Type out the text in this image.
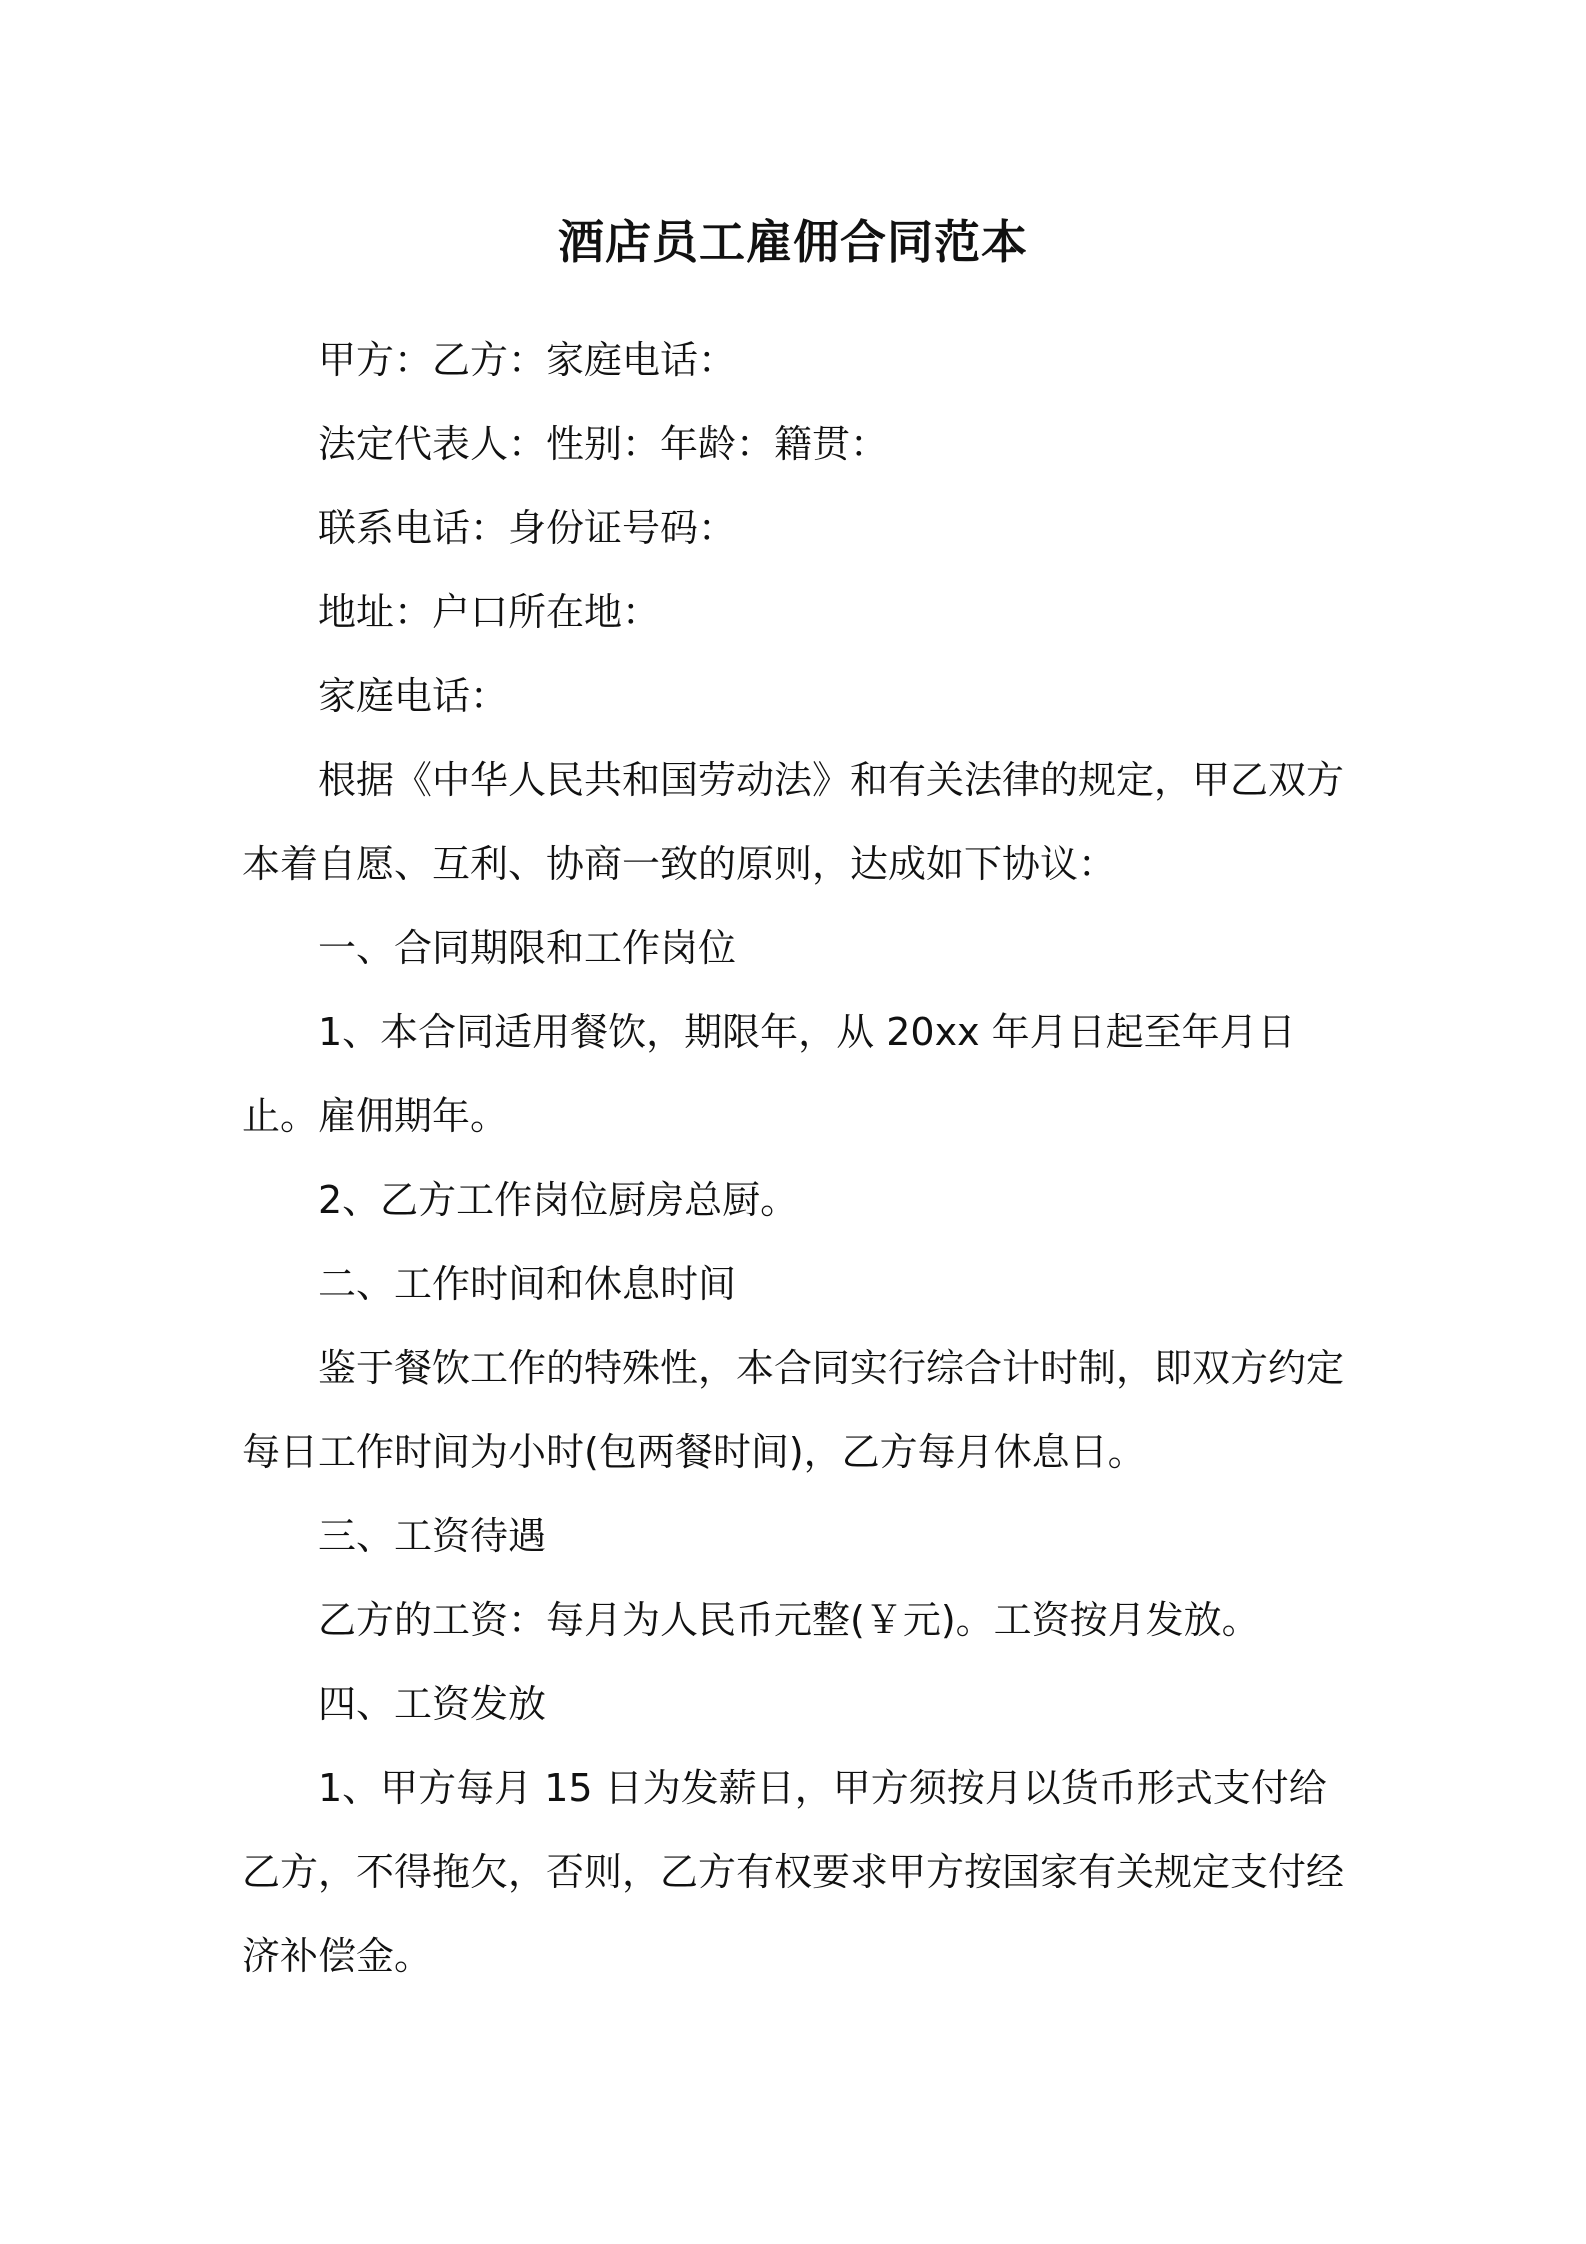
酒店员工雇佣合同范本

甲方：乙方：家庭电话：

法定代表人：性别：年龄：籍贯：

联系电话：身份证号码：

地址：户口所在地：

家庭电话：

根据《中华人民共和国劳动法》和有关法律的规定，甲乙双方本着自愿、互利、协商一致的原则，达成如下协议：

一、合同期限和工作岗位

1、本合同适用餐饮，期限年，从 20xx 年月日起至年月日止。雇佣期年。

2、乙方工作岗位厨房总厨。

二、工作时间和休息时间

鉴于餐饮工作的特殊性，本合同实行综合计时制，即双方约定每日工作时间为小时(包两餐时间)，乙方每月休息日。

三、工资待遇

乙方的工资：每月为人民币元整(￥元)。工资按月发放。

四、工资发放

1、甲方每月 15 日为发薪日，甲方须按月以货币形式支付给乙方，不得拖欠，否则，乙方有权要求甲方按国家有关规定支付经济补偿金。
